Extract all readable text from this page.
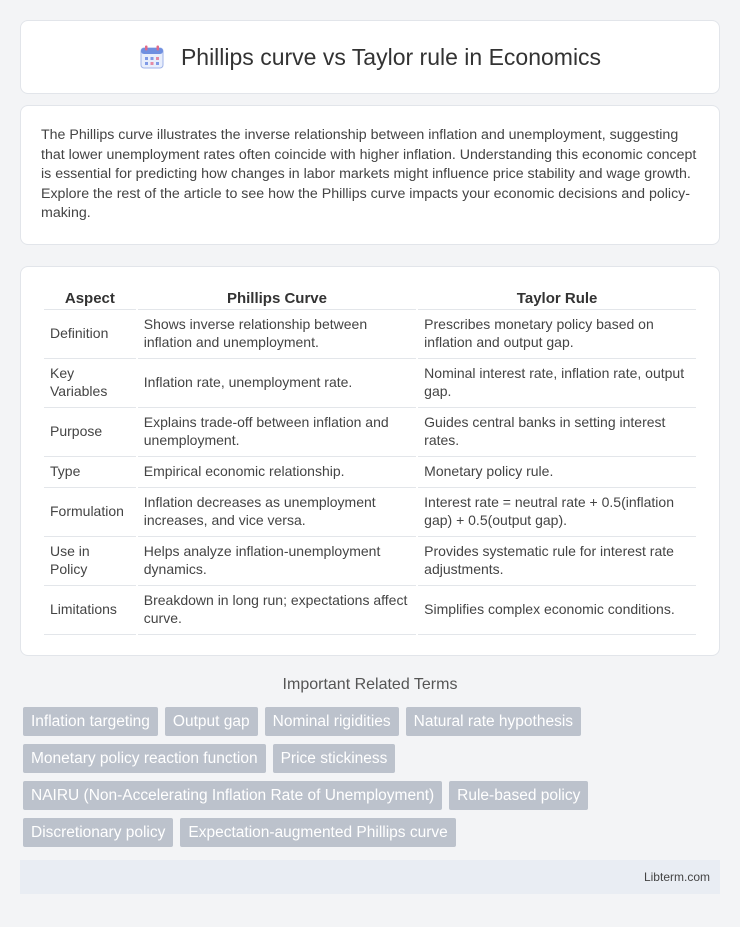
Phillips curve vs Taylor rule in Economics

The Phillips curve illustrates the inverse relationship between inflation and unemployment, suggesting that lower unemployment rates often coincide with higher inflation. Understanding this economic concept is essential for predicting how changes in labor markets might influence price stability and wage growth. Explore the rest of the article to see how the Phillips curve impacts your economic decisions and policy-making.

Aspect	Phillips Curve	Taylor Rule
Definition	Shows inverse relationship between inflation and unemployment.	Prescribes monetary policy based on inflation and output gap.
Key Variables	Inflation rate, unemployment rate.	Nominal interest rate, inflation rate, output gap.
Purpose	Explains trade-off between inflation and unemployment.	Guides central banks in setting interest rates.
Type	Empirical economic relationship.	Monetary policy rule.
Formulation	Inflation decreases as unemployment increases, and vice versa.	Interest rate = neutral rate + 0.5(inflation gap) + 0.5(output gap).
Use in Policy	Helps analyze inflation-unemployment dynamics.	Provides systematic rule for interest rate adjustments.
Limitations	Breakdown in long run; expectations affect curve.	Simplifies complex economic conditions.
Important Related Terms
Inflation targeting	Output gap	Nominal rigidities	Natural rate hypothesis
Monetary policy reaction function	Price stickiness
NAIRU (Non-Accelerating Inflation Rate of Unemployment)	Rule-based policy
Discretionary policy	Expectation-augmented Phillips curve
Libterm.com
